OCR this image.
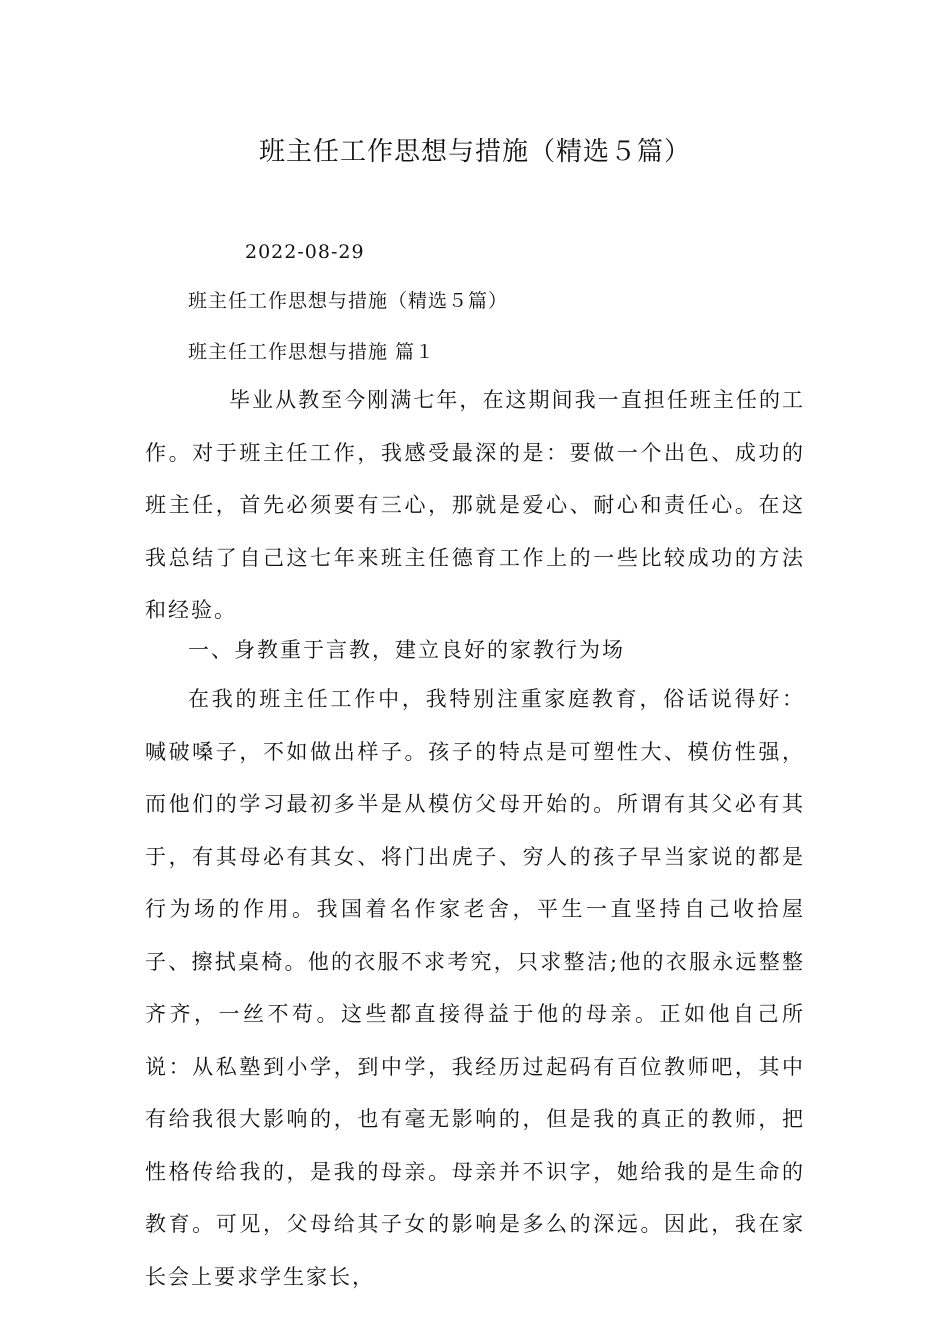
班主任工作思想与措施（精选５篇）
2022-08-29
班主任工作思想与措施（精选５篇）
班主任工作思想与措施 篇１

毕业从教至今刚满七年，在这期间我一直担任班主任的工作。对于班主任工作，我感受最深的是：要做一个出色、成功的班主任，首先必须要有三心，那就是爱心、耐心和责任心。在这我总结了自己这七年来班主任德育工作上的一些比较成功的方法和经验。

一、身教重于言教，建立良好的家教行为场

在我的班主任工作中，我特别注重家庭教育，俗话说得好：喊破嗓子，不如做出样子。孩子的特点是可塑性大、模仿性强，而他们的学习最初多半是从模仿父母开始的。所谓有其父必有其于，有其母必有其女、将门出虎子、穷人的孩子早当家说的都是行为场的作用。我国着名作家老舍，平生一直坚持自己收拾屋子、擦拭桌椅。他的衣服不求考究，只求整洁;他的衣服永远整整齐齐，一丝不苟。这些都直接得益于他的母亲。正如他自己所说：从私塾到小学，到中学，我经历过起码有百位教师吧，其中有给我很大影响的，也有毫无影响的，但是我的真正的教师，把性格传给我的，是我的母亲。母亲并不识字，她给我的是生命的教育。可见，父母给其子女的影响是多么的深远。因此，我在家长会上要求学生家长，
